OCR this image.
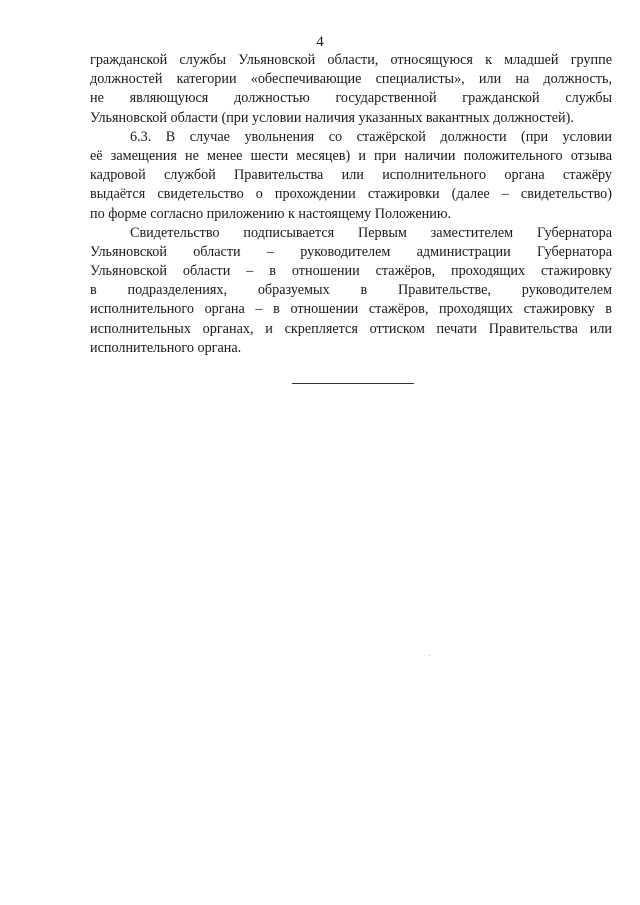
4

гражданской службы Ульяновской области, относящуюся к младшей группе
должностей категории «обеспечивающие специалисты», или на должность,
не являющуюся должностью государственной гражданской службы
Ульяновской области (при условии наличия указанных вакантных должностей).

6.3. В случае увольнения со стажёрской должности (при условии
её замещения не менее шести месяцев) и при наличии положительного отзыва
кадровой службой Правительства или исполнительного органа стажёру
выдаётся свидетельство о прохождении стажировки (далее – свидетельство)
по форме согласно приложению к настоящему Положению.

Свидетельство подписывается Первым заместителем Губернатора
Ульяновской области – руководителем администрации Губернатора
Ульяновской области – в отношении стажёров, проходящих стажировку
в подразделениях, образуемых в Правительстве, руководителем
исполнительного органа – в отношении стажёров, проходящих стажировку в
исполнительных органах, и скрепляется оттиском печати Правительства или
исполнительного органа.
